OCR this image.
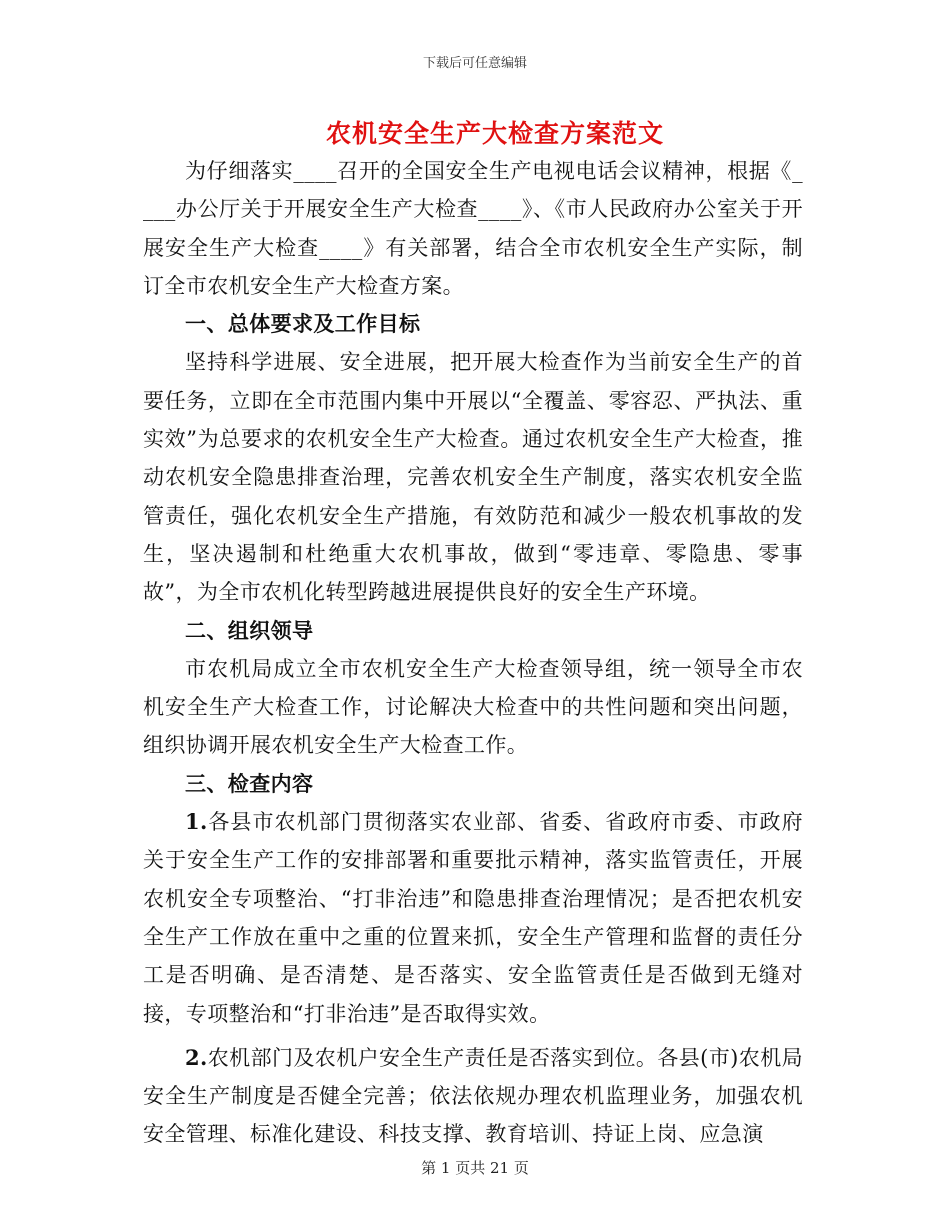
下载后可任意编辑
农机安全生产大检查方案范文

为仔细落实____召开的全国安全生产电视电话会议精神，根据《____办公厅关于开展安全生产大检查____》、《市人民政府办公室关于开展安全生产大检查____》有关部署，结合全市农机安全生产实际，制订全市农机安全生产大检查方案。

一、总体要求及工作目标

坚持科学进展、安全进展，把开展大检查作为当前安全生产的首要任务，立即在全市范围内集中开展以“全覆盖、零容忍、严执法、重实效”为总要求的农机安全生产大检查。通过农机安全生产大检查，推动农机安全隐患排查治理，完善农机安全生产制度，落实农机安全监管责任，强化农机安全生产措施，有效防范和减少一般农机事故的发生，坚决遏制和杜绝重大农机事故，做到“零违章、零隐患、零事故”，为全市农机化转型跨越进展提供良好的安全生产环境。

二、组织领导

市农机局成立全市农机安全生产大检查领导组，统一领导全市农机安全生产大检查工作，讨论解决大检查中的共性问题和突出问题，组织协调开展农机安全生产大检查工作。

三、检查内容

1.各县市农机部门贯彻落实农业部、省委、省政府市委、市政府关于安全生产工作的安排部署和重要批示精神，落实监管责任，开展农机安全专项整治、“打非治违”和隐患排查治理情况；是否把农机安全生产工作放在重中之重的位置来抓，安全生产管理和监督的责任分工是否明确、是否清楚、是否落实、安全监管责任是否做到无缝对接，专项整治和“打非治违”是否取得实效。

2.农机部门及农机户安全生产责任是否落实到位。各县(市)农机局安全生产制度是否健全完善；依法依规办理农机监理业务，加强农机安全管理、标准化建设、科技支撑、教育培训、持证上岗、应急演

第 1 页共 21 页
